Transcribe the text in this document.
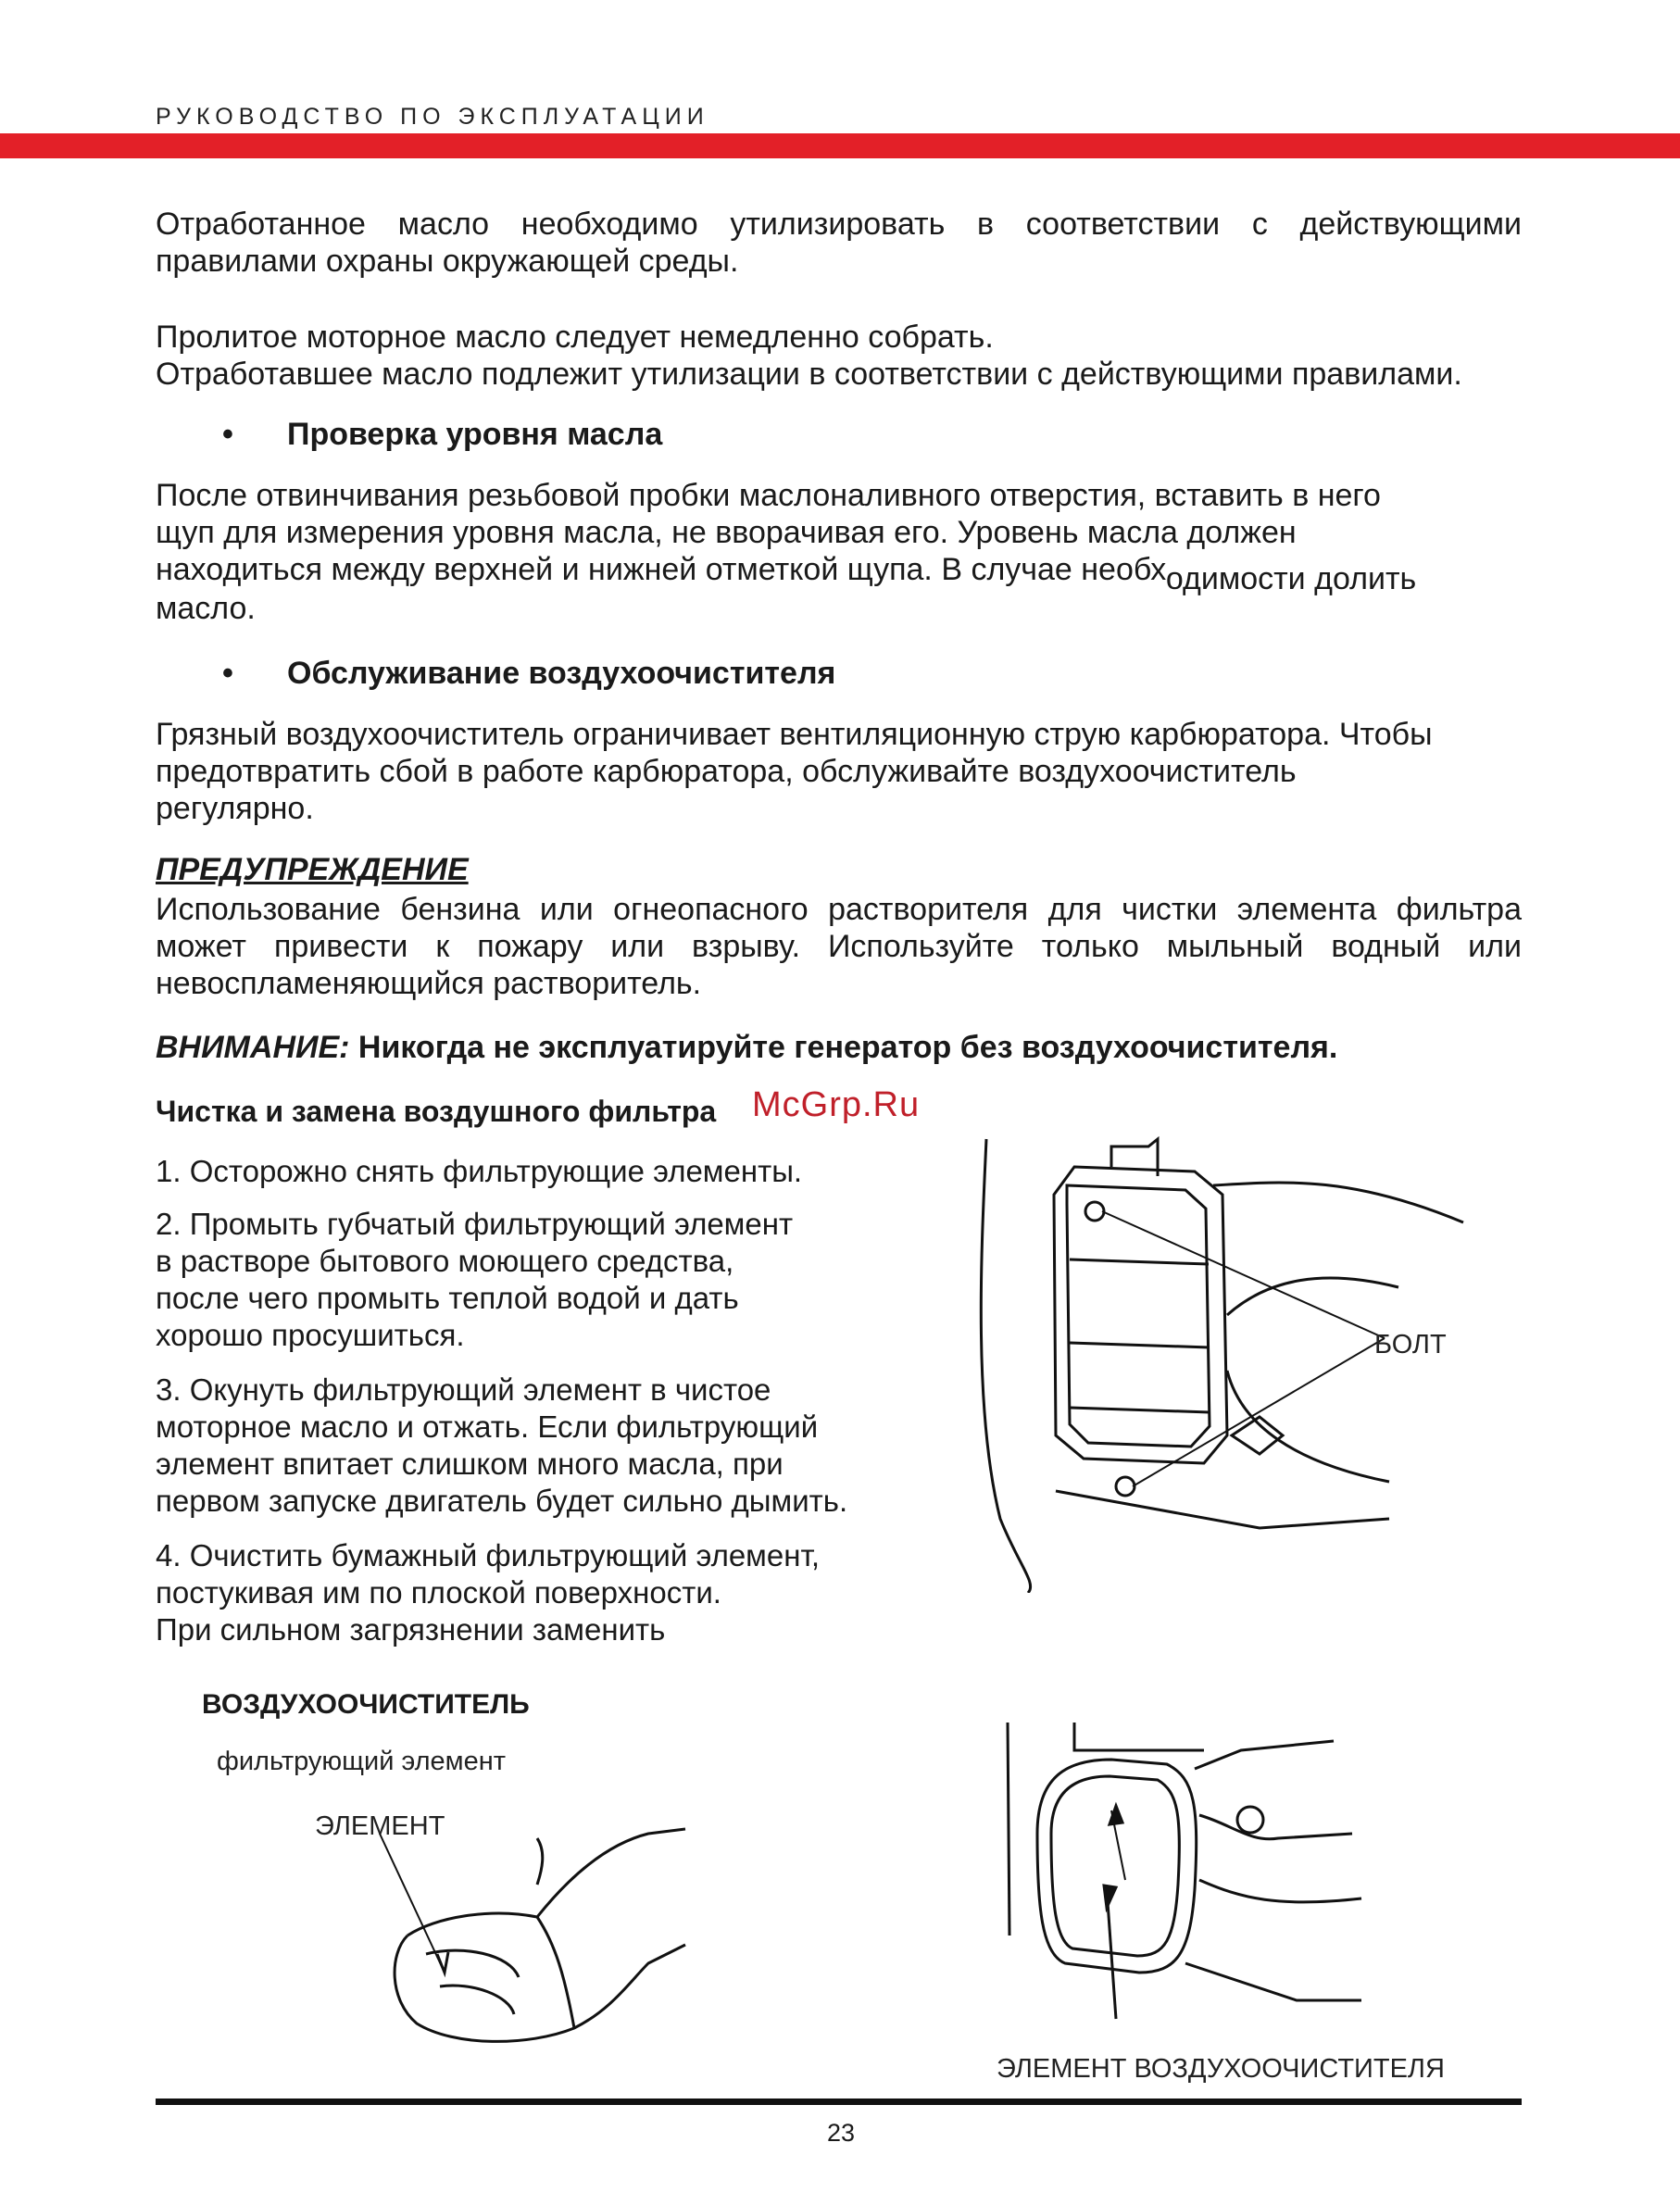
РУКОВОДСТВО ПО ЭКСПЛУАТАЦИИ
Отработанное масло необходимо утилизировать в соответствии с действующими
правилами охраны окружающей среды.
Пролитое моторное масло следует немедленно собрать.
Отработавшее масло подлежит утилизации в соответствии с действующими правилами.
• Проверка уровня масла
После отвинчивания резьбовой пробки маслоналивного отверстия, вставить в него
щуп для измерения уровня масла, не вворачивая его. Уровень масла должен
находиться между верхней и нижней отметкой щупа. В случае необходимости долить
масло.
• Обслуживание воздухоочистителя
Грязный воздухоочиститель ограничивает вентиляционную струю карбюратора. Чтобы
предотвратить сбой в работе карбюратора, обслуживайте воздухоочиститель
регулярно.
ПРЕДУПРЕЖДЕНИЕ
Использование бензина или огнеопасного растворителя для чистки элемента фильтра
может привести к пожару или взрыву. Используйте только мыльный водный или
невоспламеняющийся растворитель.
ВНИМАНИЕ: Никогда не эксплуатируйте генератор без воздухоочистителя.
Чистка и замена воздушного фильтра McGrp.Ru
1. Осторожно снять фильтрующие элементы.
2. Промыть губчатый фильтрующий элемент
в растворе бытового моющего средства,
после чего промыть теплой водой и дать
хорошо просушиться.
3. Окунуть фильтрующий элемент в чистое
моторное масло и отжать. Если фильтрующий
элемент впитает слишком много масла, при
первом запуске двигатель будет сильно дымить.
4. Очистить бумажный фильтрующий элемент,
постукивая им по плоской поверхности.
При сильном загрязнении заменить
БОЛТ
ВОЗДУХООЧИСТИТЕЛЬ
фильтрующий элемент
ЭЛЕМЕНТ
ЭЛЕМЕНТ ВОЗДУХООЧИСТИТЕЛЯ
23
